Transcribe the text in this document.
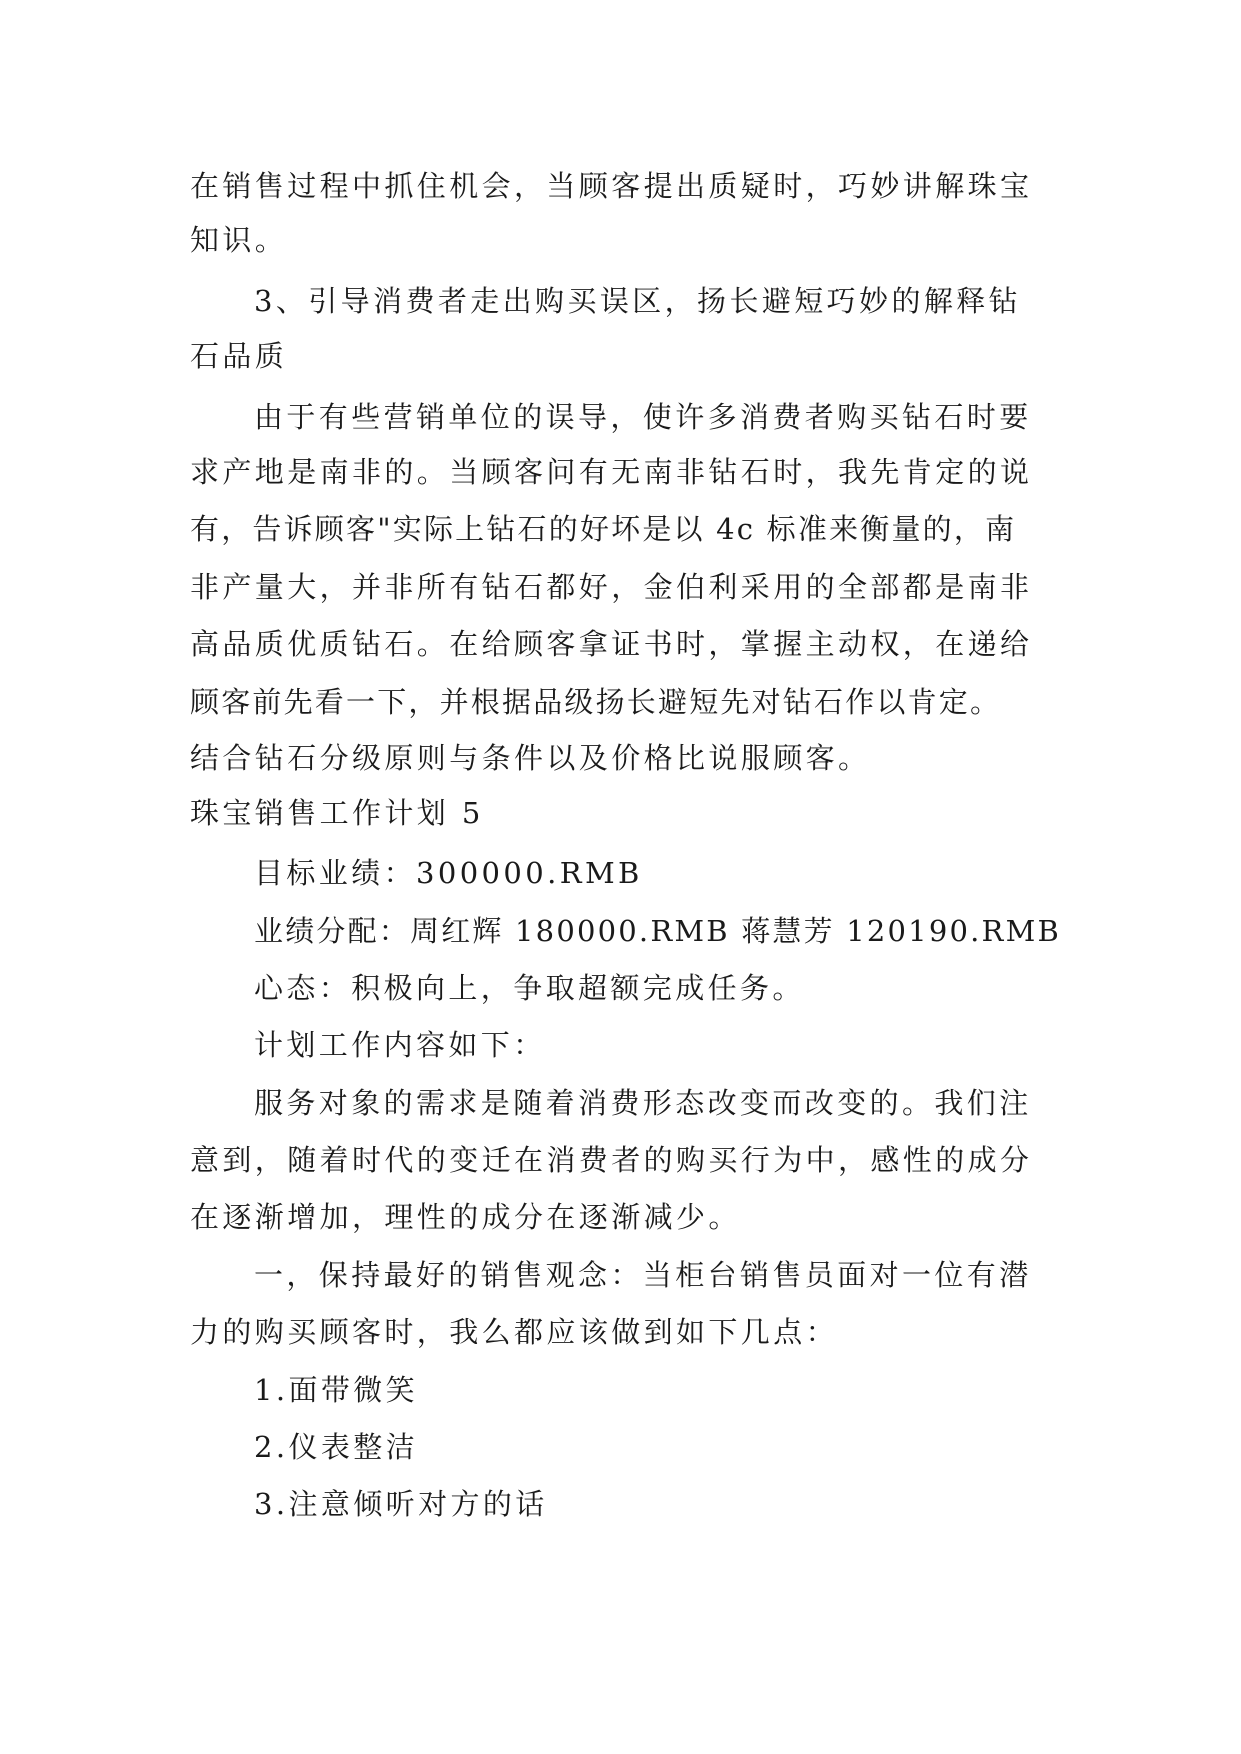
在销售过程中抓住机会，当顾客提出质疑时，巧妙讲解珠宝
知识。
3、引导消费者走出购买误区，扬长避短巧妙的解释钻
石品质
由于有些营销单位的误导，使许多消费者购买钻石时要
求产地是南非的。当顾客问有无南非钻石时，我先肯定的说
有，告诉顾客"实际上钻石的好坏是以 4c 标准来衡量的，南
非产量大，并非所有钻石都好，金伯利采用的全部都是南非
高品质优质钻石。在给顾客拿证书时，掌握主动权，在递给
顾客前先看一下，并根据品级扬长避短先对钻石作以肯定。
结合钻石分级原则与条件以及价格比说服顾客。
珠宝销售工作计划 5
目标业绩：300000.RMB
业绩分配：周红辉 180000.RMB 蒋慧芳 120190.RMB
心态：积极向上，争取超额完成任务。
计划工作内容如下：
服务对象的需求是随着消费形态改变而改变的。我们注
意到，随着时代的变迁在消费者的购买行为中，感性的成分
在逐渐增加，理性的成分在逐渐减少。
一，保持最好的销售观念：当柜台销售员面对一位有潜
力的购买顾客时，我么都应该做到如下几点：
1.面带微笑
2.仪表整洁
3.注意倾听对方的话
